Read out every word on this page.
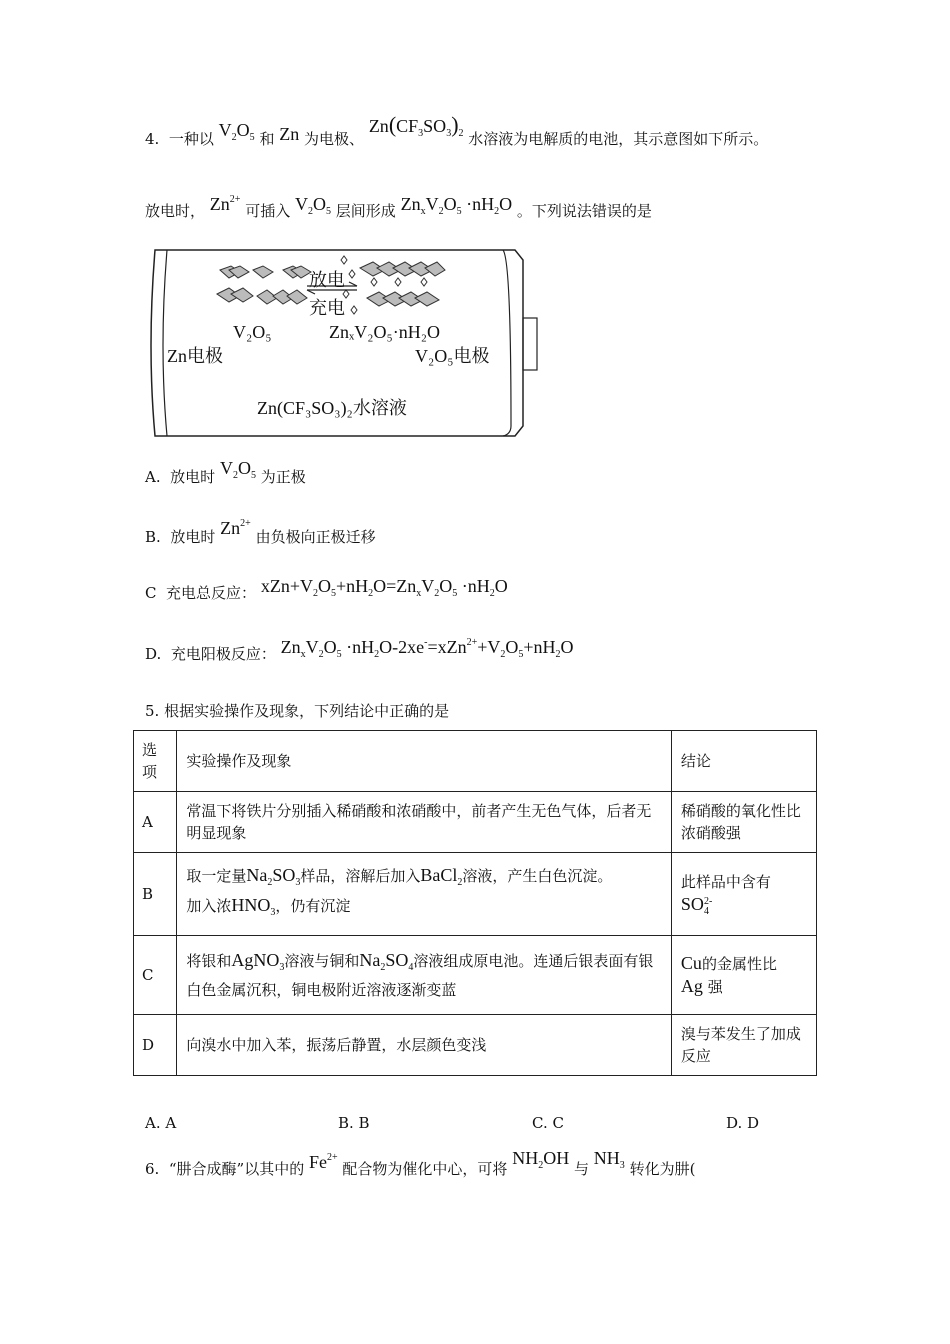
4. 一种以 $V_2O_5$ 和 Zn 为电极、 $Zn(CF_3SO_3)_2$ 水溶液为电解质的电池，其示意图如下所示。
放电时， $Zn^{2+}$ 可插入 $V_2O_5$ 层间形成 $Zn_xV_2O_5 \cdot nH_2O$ 。下列说法错误的是
放电
充电
V₂O₅	ZnₓV₂O₅·nH₂O
Zn电极	V₂O₅电极
Zn(CF₃SO₃)₂水溶液
A. 放电时 $V_2O_5$ 为正极
B. 放电时 $Zn^{2+}$ 由负极向正极迁移
C 充电总反应： $xZn+V_2O_5+nH_2O=Zn_xV_2O_5 \cdot nH_2O$
D. 充电阳极反应： $Zn_xV_2O_5 \cdot nH_2O-2xe^-=xZn^{2+}+V_2O_5+nH_2O$
5. 根据实验操作及现象，下列结论中正确的是
选项	实验操作及现象	结论
A	常温下将铁片分别插入稀硝酸和浓硝酸中，前者产生无色气体，后者无明显现象	稀硝酸的氧化性比浓硝酸强
B	取一定量$Na_2SO_3$样品，溶解后加入BaCl$_2$溶液，产生白色沉淀。
加入浓$HNO_3$，仍有沉淀	此样品中含有
SO2-
4
C	将银和AgNO$_3$溶液与铜和$Na_2SO_4$溶液组成原电池。连通后银表面有银白色金属沉积，铜电极附近溶液逐渐变蓝	Cu的金属性比
Ag 强
D	向溴水中加入苯，振荡后静置，水层颜色变浅	溴与苯发生了加成反应
A. A	B. B	C. C	D. D
6. “肼合成酶”以其中的 $Fe^{2+}$ 配合物为催化中心，可将 $NH_2OH$ 与 $NH_3$ 转化为肼(
